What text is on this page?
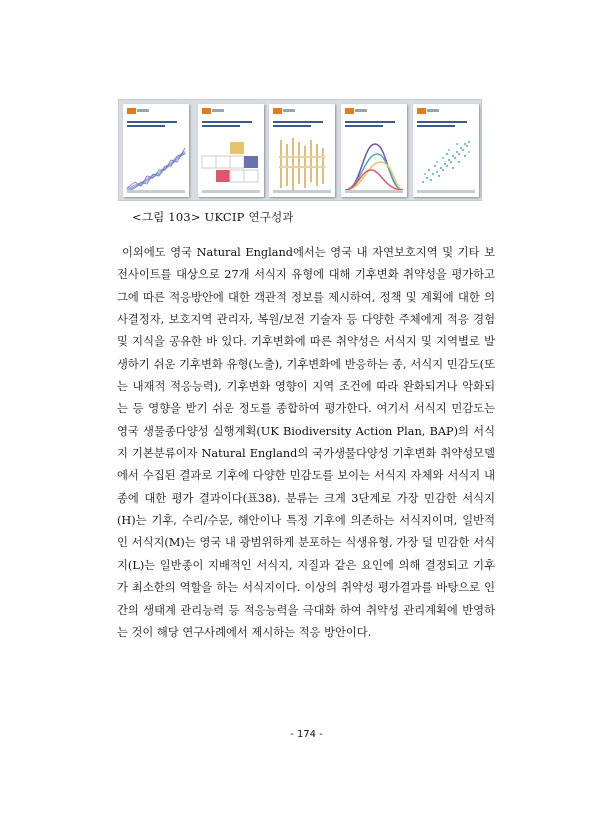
<그림 103> UKCIP 연구성과

이외에도 영국 Natural England에서는 영국 내 자연보호지역 및 기타 보전사이트를 대상으로 27개 서식지 유형에 대해 기후변화 취약성을 평가하고 그에 따른 적응방안에 대한 객관적 정보를 제시하여, 정책 및 계획에 대한 의사결정자, 보호지역 관리자, 복원/보전 기술자 등 다양한 주체에게 적응 경험 및 지식을 공유한 바 있다. 기후변화에 따른 취약성은 서식지 및 지역별로 발생하기 쉬운 기후변화 유형(노출), 기후변화에 반응하는 종, 서식지 민감도(또는 내재적 적응능력), 기후변화 영향이 지역 조건에 따라 완화되거나 악화되는 등 영향을 받기 쉬운 정도를 종합하여 평가한다. 여기서 서식지 민감도는 영국 생물종다양성 실행계획(UK Biodiversity Action Plan, BAP)의 서식지 기본분류이자 Natural England의 국가생물다양성 기후변화 취약성모델에서 수집된 결과로 기후에 다양한 민감도를 보이는 서식지 자체와 서식지 내 종에 대한 평가 결과이다(표38). 분류는 크게 3단계로 가장 민감한 서식지(H)는 기후, 수리/수문, 해안이나 특정 기후에 의존하는 서식지이며, 일반적인 서식지(M)는 영국 내 광범위하게 분포하는 식생유형, 가장 덜 민감한 서식지(L)는 일반종이 지배적인 서식지, 지질과 같은 요인에 의해 결정되고 기후가 최소한의 역할을 하는 서식지이다. 이상의 취약성 평가결과를 바탕으로 인간의 생태계 관리능력 등 적응능력을 극대화 하여 취약성 관리계획에 반영하는 것이 해당 연구사례에서 제시하는 적응 방안이다.

- 174 -
